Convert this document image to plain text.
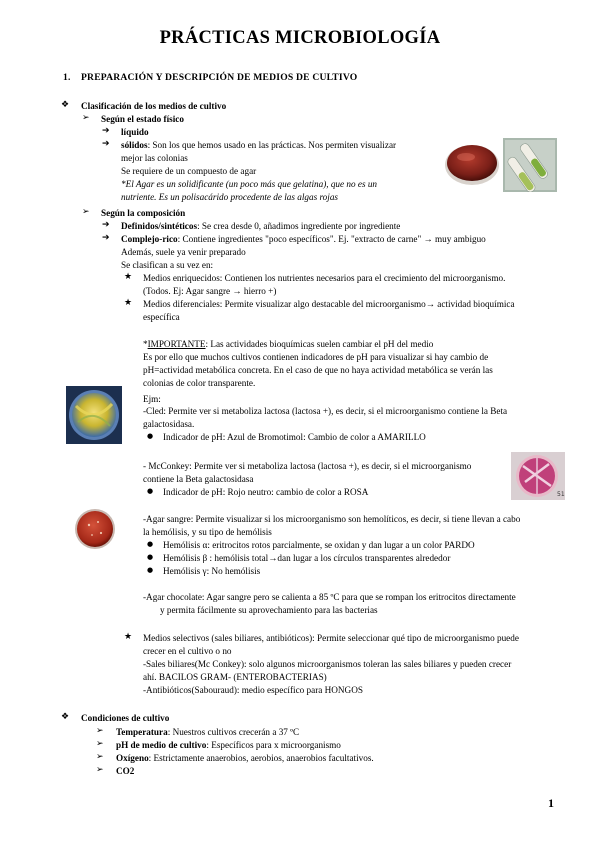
PRÁCTICAS MICROBIOLOGÍA
1. PREPARACIÓN Y DESCRIPCIÓN DE MEDIOS DE CULTIVO
❖ Clasificación de los medios de cultivo
➢ Según el estado físico
➔ líquido
➔ sólidos: Son los que hemos usado en las prácticas. Nos permiten visualizar
mejor las colonias
Se requiere de un compuesto de agar
*El Agar es un solidificante (un poco más que gelatina), que no es un
nutriente. Es un polisacárido procedente de las algas rojas
➢ Según la composición
➔ Definidos/sintéticos: Se crea desde 0, añadimos ingrediente por ingrediente
➔ Complejo-rico: Contiene ingredientes "poco específicos". Ej. "extracto de carne" → muy ambiguo
Además, suele ya venir preparado
Se clasifican a su vez en:
★ Medios enriquecidos: Contienen los nutrientes necesarios para el crecimiento del microorganismo.
(Todos. Ej: Agar sangre → hierro +)
★ Medios diferenciales: Permite visualizar algo destacable del microorganismo→ actividad bioquímica
específica
*IMPORTANTE: Las actividades bioquímicas suelen cambiar el pH del medio
Es por ello que muchos cultivos contienen indicadores de pH para visualizar si hay cambio de
pH=actividad metabólica concreta. En el caso de que no haya actividad metabólica se verán las
colonias de color transparente.
Ejm:
-Cled: Permite ver si metaboliza lactosa (lactosa +), es decir, si el microorganismo contiene la Beta
galactosidasa.
● Indicador de pH: Azul de Bromotimol: Cambio de color a AMARILLO
- McConkey: Permite ver si metaboliza lactosa (lactosa +), es decir, si el microorganismo
contiene la Beta galactosidasa
● Indicador de pH: Rojo neutro: cambio de color a ROSA	51
-Agar sangre: Permite visualizar si los microorganismo son hemolíticos, es decir, si tiene llevan a cabo
la hemólisis, y su tipo de hemólisis
● Hemólisis α: eritrocitos rotos parcialmente, se oxidan y dan lugar a un color PARDO
● Hemólisis β : hemólisis total→dan lugar a los círculos transparentes alrededor
● Hemólisis γ: No hemólisis
-Agar chocolate: Agar sangre pero se calienta a 85 ºC para que se rompan los eritrocitos directamente
y permita fácilmente su aprovechamiento para las bacterias
★ Medios selectivos (sales biliares, antibióticos): Permite seleccionar qué tipo de microorganismo puede
crecer en el cultivo o no
-Sales biliares(Mc Conkey): solo algunos microorganismos toleran las sales biliares y pueden crecer
ahí. BACILOS GRAM- (ENTEROBACTERIAS)
-Antibióticos(Sabouraud): medio específico para HONGOS
❖ Condiciones de cultivo
➢ Temperatura: Nuestros cultivos crecerán a 37 ºC
➢ pH de medio de cultivo: Específicos para x microorganismo
➢ Oxígeno: Estrictamente anaerobios, aerobios, anaerobios facultativos.
➢ CO2
1
